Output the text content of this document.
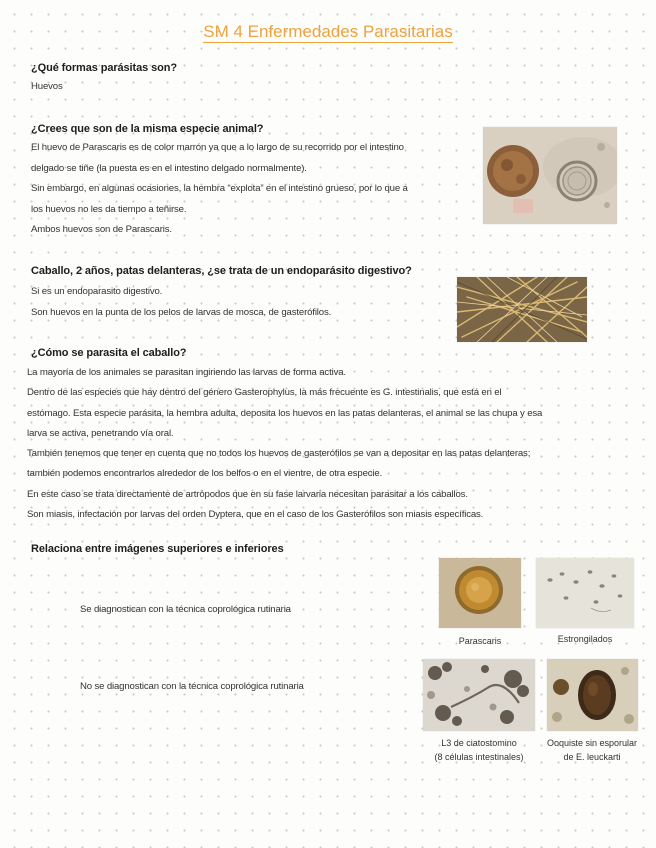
SM 4 Enfermedades Parasitarias
¿Qué formas parásitas son?
Huevos
¿Crees que son de la misma especie animal?
El huevo de Parascaris es de color marrón ya que a lo largo de su recorrido por el intestino
delgado se tiñe (la puesta es en el intestino delgado normalmente).
Sin embargo, en algunas ocasiones, la hembra “explota” en el intestino grueso, por lo que a
los huevos no les da tiempo a teñirse.
Ambos huevos son de Parascaris.
Caballo, 2 años, patas delanteras, ¿se trata de un endoparásito digestivo?
Si es un endoparasito digestivo.
Son huevos en la punta de los pelos de larvas de mosca, de gasterófilos.
¿Cómo se parasita el caballo?
La mayoría de los animales se parasitan ingiriendo las larvas de forma activa.
Dentro de las especies que hay dentro del género Gasterophylus, la más frecuente es G. intestinalis, que está en el
estómago. Esta especie parásita, la hembra adulta, deposita los huevos en las patas delanteras, el animal se las chupa y esa
larva se activa, penetrando vía oral.
También tenemos que tener en cuenta que no todos los huevos de gasterófilos se van a depositar en las patas delanteras;
también podemos encontrarlos alrededor de los belfos o en el vientre, de otra especie.
En este caso se trata directamente de artrópodos que en su fase larvaria necesitan parasitar a los caballos.
Son miasis, infectación por larvas del orden Dyptera, que en el caso de los Gasterófilos son miasis específicas.
Relaciona entre imágenes superiores e inferiores
Se diagnostican con la técnica coprológica rutinaria
No se diagnostican con la técnica coprológica rutinaria
Parascaris	Estrongilados
L3 de ciatostomino
(8 células intestinales)
Ooquiste sin esporular
de E. leuckarti
